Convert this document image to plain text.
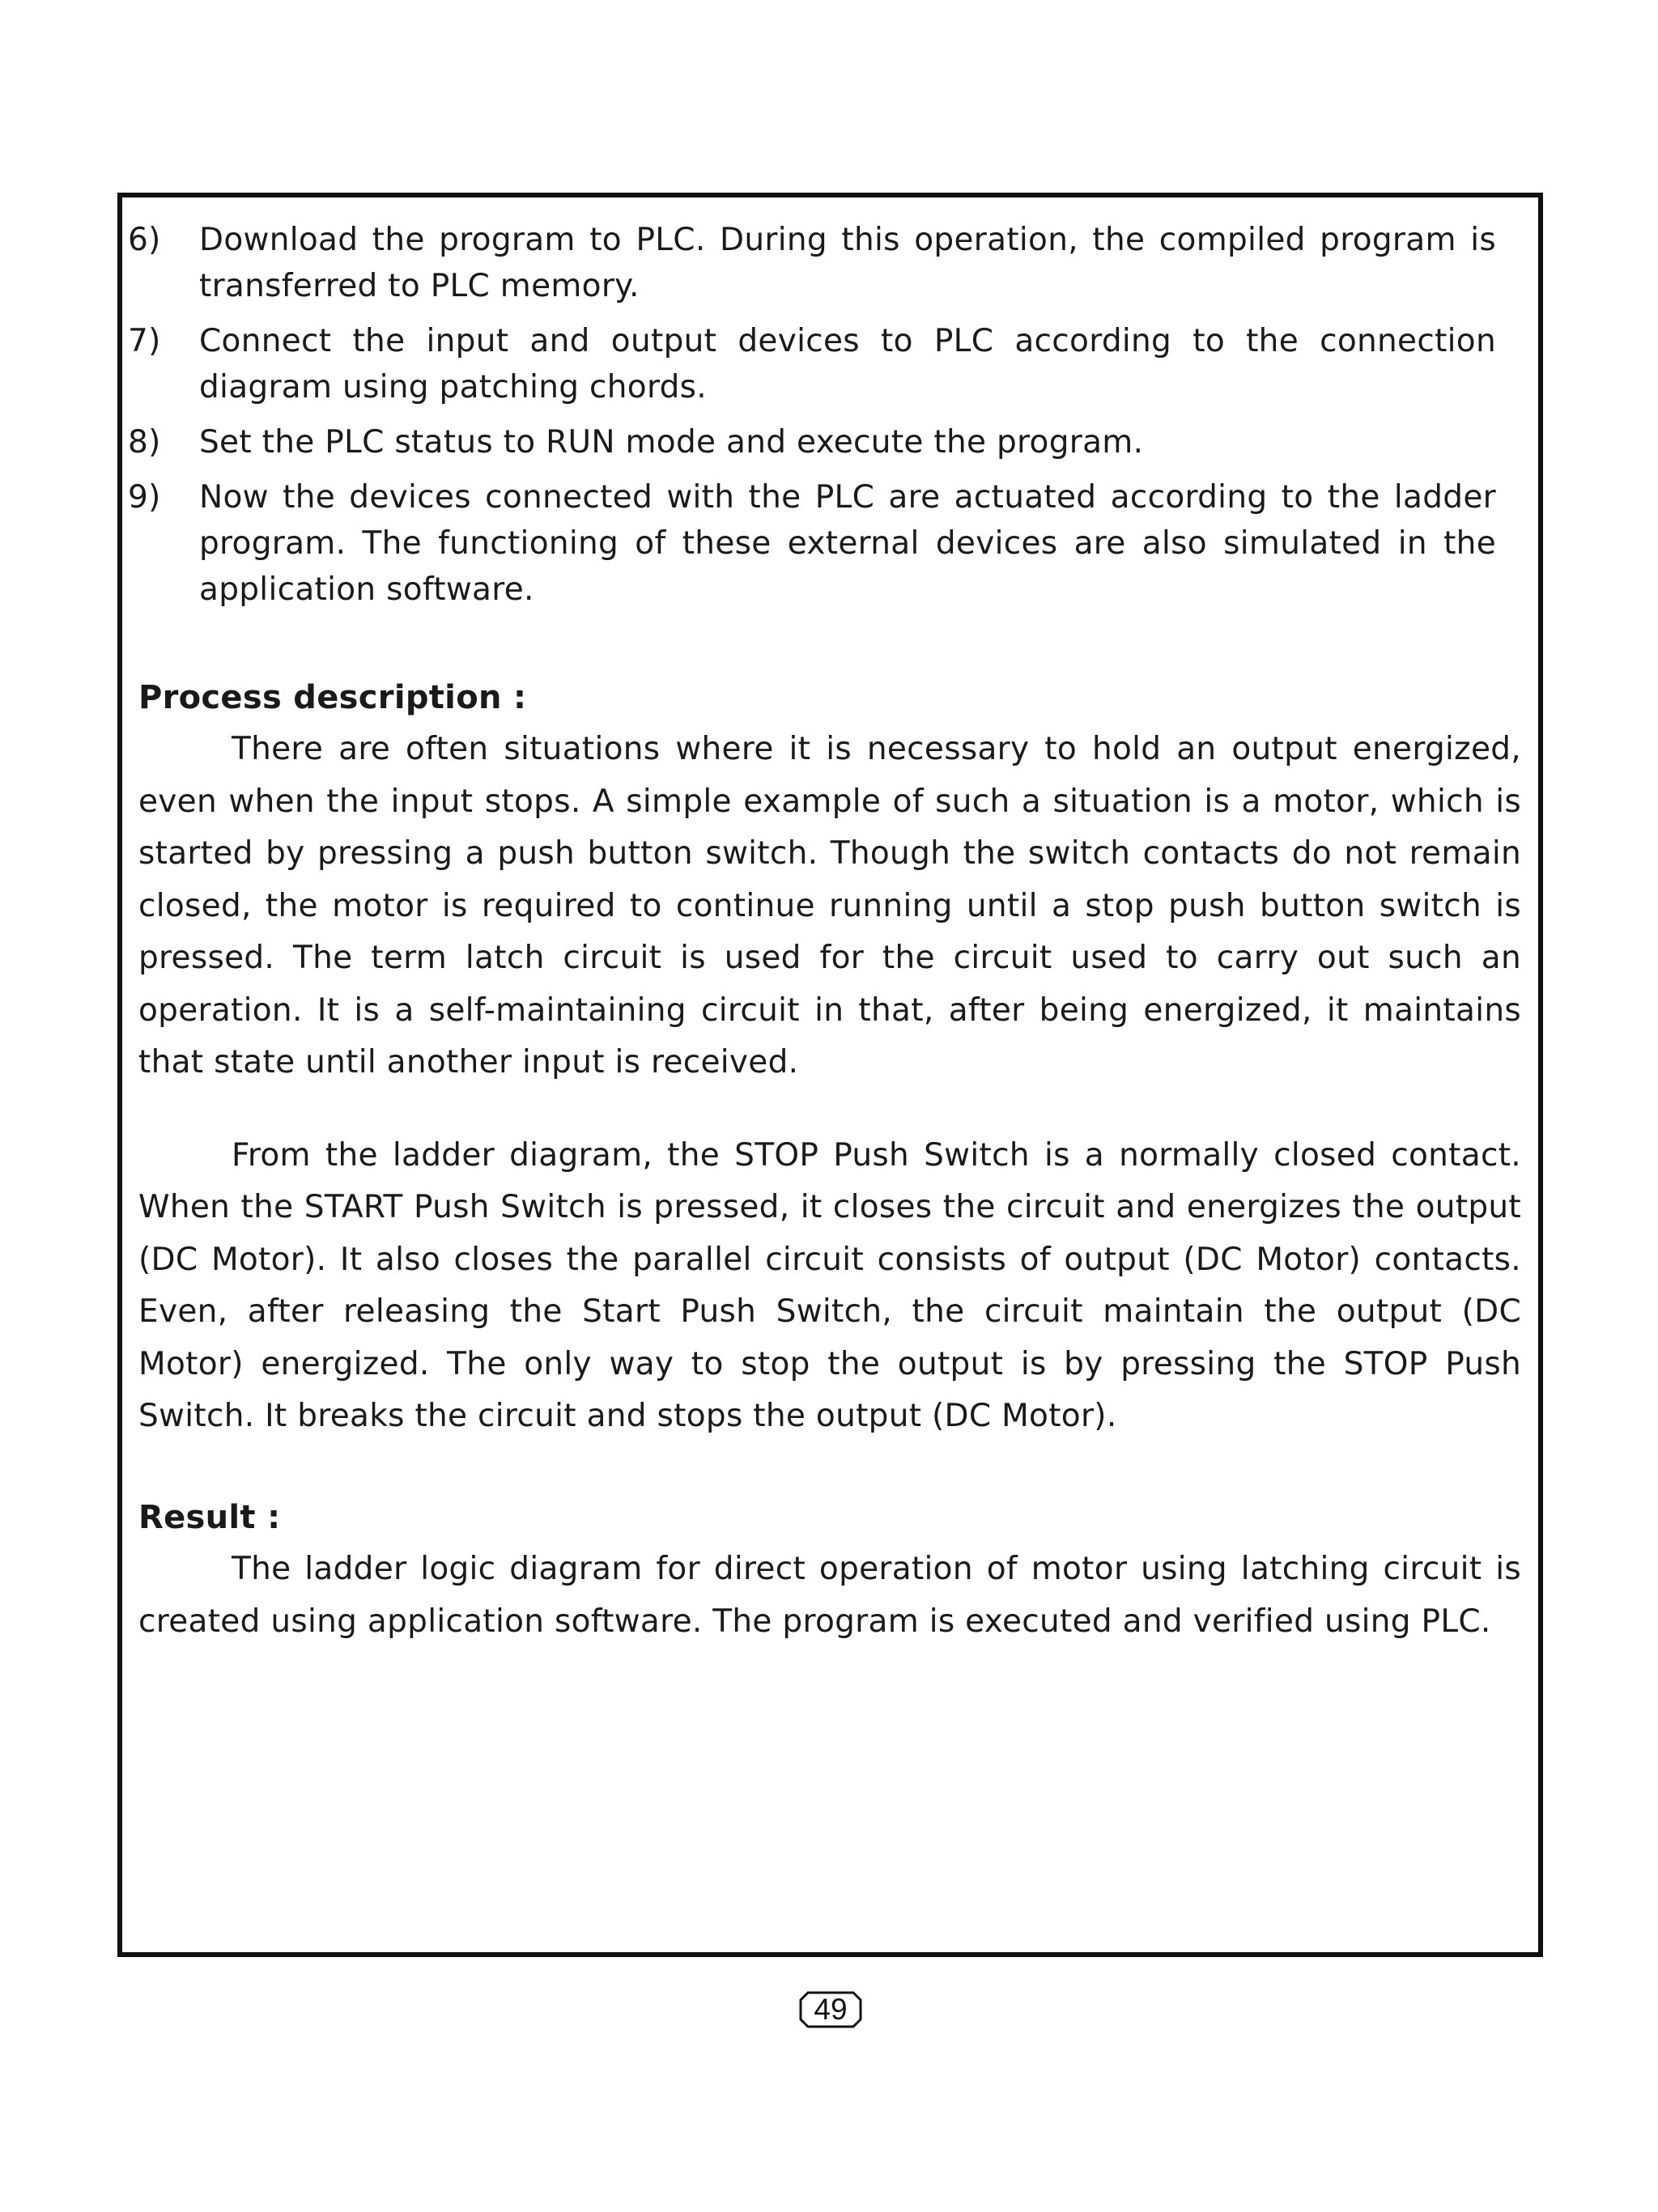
6)	Download the program to PLC. During this operation, the compiled program is transferred to PLC memory.
7)	Connect the input and output devices to PLC according to the connection diagram using patching chords.
8)	Set the PLC status to RUN mode and execute the program.
9)	Now the devices connected with the PLC are actuated according to the ladder program. The functioning of these external devices are also simulated in the application software.
Process description :
There are often situations where it is necessary to hold an output energized, even when the input stops. A simple example of such a situation is a motor, which is started by pressing a push button switch. Though the switch contacts do not remain closed, the motor is required to continue running until a stop push button switch is pressed. The term latch circuit is used for the circuit used to carry out such an operation. It is a self-maintaining circuit in that, after being energized, it maintains that state until another input is received.
From the ladder diagram, the STOP Push Switch is a normally closed contact. When the START Push Switch is pressed, it closes the circuit and energizes the output (DC Motor). It also closes the parallel circuit consists of output (DC Motor) contacts. Even, after releasing the Start Push Switch, the circuit maintain the output (DC Motor) energized. The only way to stop the output is by pressing the STOP Push Switch. It breaks the circuit and stops the output (DC Motor).
Result :
The ladder logic diagram for direct operation of motor using latching circuit is created using application software. The program is executed and verified using PLC.
49
